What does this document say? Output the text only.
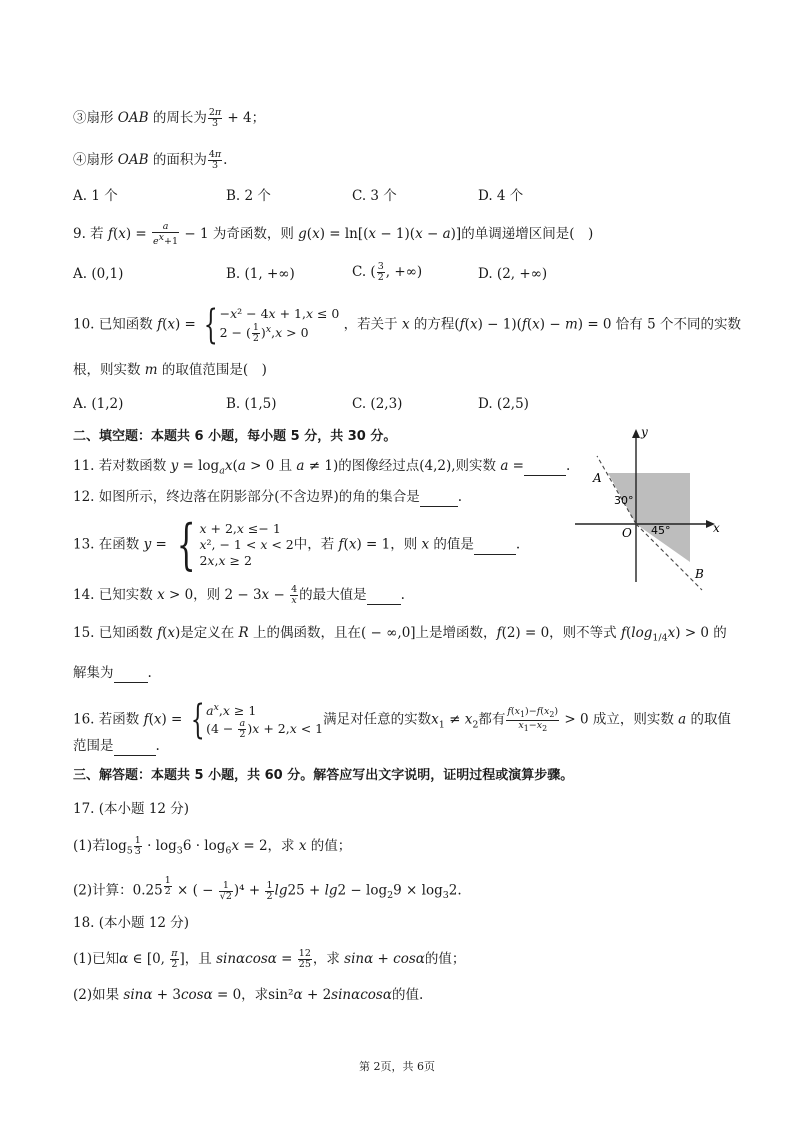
③扇形 OAB 的周长为 $\frac{2\pi}{3} + 4$；
④扇形 OAB 的面积为 $\frac{4\pi}{3}$ .
A. 1 个	B. 2 个	C. 3 个	D. 4 个
9. 若 $f(x) = \frac{a}{e^x+1} - 1$ 为奇函数，则 g(x) = ln[(x − 1)(x − a)]的单调递增区间是(　)
A. (0,1)	B. (1, +∞)	C. ( $\frac{3}{2}$ , +∞)	D. (2, +∞)
10. 已知函数 f(x) = { −x² − 4x + 1,x ≤ 0
2 − ( $\frac{1}{2} )^x,x > 0$ ，若关于 x 的方程(f(x) − 1)(f(x) − m) = 0 恰有 5 个不同的实数
根，则实数 m 的取值范围是(　)
A. (1,2)	B. (1,5)	C. (2,3)	D. (2,5)
二、填空题：本题共 6 小题，每小题 5 分，共 30 分。
11. 若对数函数 $y = \log_ax(a > 0$ 且 a ≠ 1)的图像经过点(4,2),则实数 a =	.
12. 如图所示，终边落在阴影部分(不含边界)的角的集合是	.
13. 在函数 y = { x + 2,x ≤− 1
x², − 1 < x < 2
2x,x ≥ 2中，若 f(x) = 1，则 x 的值是	.
14. 已知实数 x > 0，则 $2 - 3x - \frac{4}{x}$ 的最大值是	.
15. 已知函数 f(x)是定义在 R 上的偶函数，且在( − ∞,0]上是增函数，f(2) = 0，则不等式 $f(\log_{1/4}x) > 0$ 的
解集为	.
16. 若函数 f(x) = { $a^x,x \ge 1$
$(4 - \frac{a}{2} )x + 2,x < 1$满足对任意的实数$x_1 \ne x_2$都有 $\frac{f(x_1)-f(x_2)}{x_1-x_2} > 0$ 成立，则实数 a 的取值
范围是	.
三、解答题：本题共 5 小题，共 60 分。解答应写出文字说明，证明过程或演算步骤。
17. (本小题 12 分)
(1)若$\log_5 \frac{1}{3} \cdot \log_36 \cdot \log_6x = 2$，求 x 的值；
(2)计算：0.25 $^{\frac{1}{2}}$ × ( − $\frac{1}{√2} )^4 + \frac{1}{2} \lg 25 + \lg 2 - \log_29 \times \log_32$.
18. (本小题 12 分)
(1)已知α ∈ [0, $\frac{\pi}{2}$ ]，且 $\sin\alpha\cos\alpha = \frac{12}{25}$ ，求 sinα + cosα的值；
(2)如果 sinα + 3cosα = 0，求sin²α + 2sinαcosα的值.
y
x
O
A
B
30°
45°
第 2页，共 6页
